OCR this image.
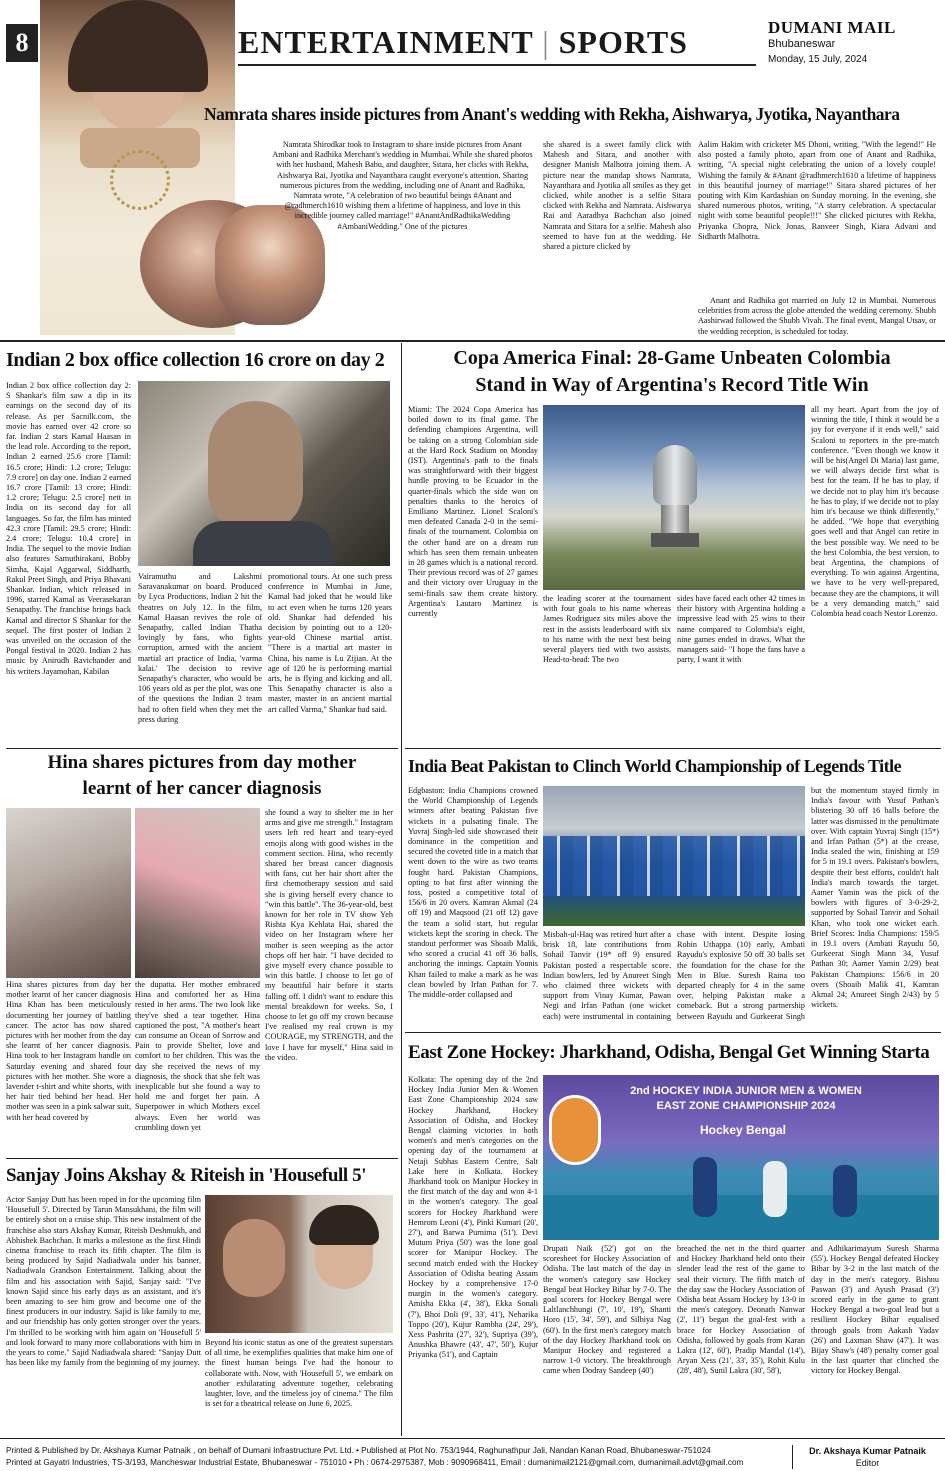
8	ENTERTAINMENT | SPORTS	DUMANI MAIL
Bhubaneswar
Monday, 15 July, 2024
Namrata shares inside pictures from Anant's wedding with Rekha, Aishwarya, Jyotika, Nayanthara
Namrata Shirodkar took to Instagram to share inside pictures from Anant Ambani and Radhika Merchant's wedding in Mumbai. While she shared photos with her husband, Mahesh Babu, and daughter, Sitara, her clicks with Rekha, Aishwarya Rai, Jyotika and Nayanthara caught everyone's attention. Sharing numerous pictures from the wedding, including one of Anant and Radhika, Namrata wrote, "A celebration of two beautiful beings #Anant and @radhmerch1610 wishing them a lifetime of happiness, and love in this incredible journey called marriage!" #AnantAndRadhikaWedding #AmbaniWedding." One of the pictures
she shared is a sweet family click with Mahesh and Sitara, and another with designer Manish Malhotra joining them. A picture near the mandap shows Namrata, Nayanthara and Jyotika all smiles as they get clicked, while another is a selfie Sitara clicked with Rekha and Namrata. Aishwarya Rai and Aaradhya Bachchan also joined Namrata and Sitara for a selfie. Mahesh also seemed to have fun at the wedding. He shared a picture clicked by
Aalim Hakim with cricketer MS Dhoni, writing, "With the legend!" He also posted a family photo, apart from one of Anant and Radhika, writing, "A special night celebrating the union of a lovely couple! Wishing the family & #Anant @radhmerch1610 a lifetime of happiness in this beautiful journey of marriage!" Sitara shared pictures of her pouting with Kim Kardashian on Sunday morning. In the evening, she shared numerous photos, writing, "A starry celebration. A spectacular night with some beautiful people!!!" She clicked pictures with Rekha, Priyanka Chopra, Nick Jonas, Ranveer Singh, Kiara Advani and Sidharth Malhotra.
Anant and Radhika got married on July 12 in Mumbai. Numerous celebrities from across the globe attended the wedding ceremony. Shubh Aashirwad followed the Shubh Vivah. The final event, Mangal Utsav, or the wedding reception, is scheduled for today.
Indian 2 box office collection 16 crore on day 2
Indian 2 box office collection day 2: S Shankar's film saw a dip in its earnings on the second day of its release. As per Sacnilk.com, the movie has earned over 42 crore so far. Indian 2 stars Kamal Haasan in the lead role. According to the report, Indian 2 earned 25.6 crore [Tamil: 16.5 crore; Hindi: 1.2 crore; Telugu: 7.9 crore] on day one. Indian 2 earned 16.7 crore [Tamil: 13 crore; Hindi: 1.2 crore; Telugu: 2.5 crore] nett in India on its second day for all languages. So far, the film has minted 42.3 crore [Tamil: 29.5 crore; Hindi: 2.4 crore; Telugu: 10.4 crore] in India. The sequel to the movie Indian also features Samuthirakani, Bobby Simha, Kajal Aggarwal, Siddharth, Rakul Preet Singh, and Priya Bhavani Shankar. Indian, which released in 1996, starred Kamal as Veerasekaran Senapathy. The franchise brings back Kamal and director S Shankar for the sequel. The first poster of Indian 2 was unveiled on the occasion of the Pongal festival in 2020. Indian 2 has music by Anirudh Ravichander and his writers Jayamohan, Kabilan
Vairamuthu and Lakshmi Saravanakumar on board. Produced by Lyca Productions, Indian 2 hit the theatres on July 12. In the film, Kamal Haasan revives the role of Senapathy, called Indian Thatha lovingly by fans, who fights corruption, armed with the ancient martial art practice of India, 'varma kalai.' The decision to revive Senapathy's character, who would be 106 years old as per the plot, was one of the questions the Indian 2 team had to often field when they met the press during
promotional tours. At one such press conference in Mumbai in June, Kamal had joked that he would like to act even when he turns 120 years old. Shankar had defended his decision by pointing out to a 120-year-old Chinese martial artist. "There is a martial art master in China, his name is Lu Zijian. At the age of 120 he is performing martial arts, he is flying and kicking and all. This Senapathy character is also a master, master in an ancient martial art called Varma," Shankar had said.
Hina shares pictures from day mother
learnt of her cancer diagnosis
Hina shares pictures from day her mother learnt of her cancer diagnosis Hina Khan has been meticulously documenting her journey of battling cancer. The actor has now shared pictures with her mother from the day she learnt of her cancer diagnosis. Hina took to her Instagram handle on Saturday evening and shared four pictures with her mother. She wore a lavender t-shirt and white shorts, with her hair tied behind her head. Her mother was seen in a pink salwar suit, with her head covered by
the dupatta. Her mother embraced Hina and comforted her as Hina rested in her arms. The two look like they've shed a tear together. Hina captioned the post, "A mother's heart can consume an Ocean of Sorrow and Pain to provide Shelter, love and comfort to her children. This was the day she received the news of my diagnosis, the shock that she felt was inexplicable but she found a way to hold me and forget her pain. A Superpower in which Mothers excel always. Even her world was crumbling down yet
she found a way to shelter me in her arms and give me strength." Instagram users left red heart and teary-eyed emojis along with good wishes in the comment section. Hina, who recently shared her breast cancer diagnosis with fans, cut her hair short after the first chemotherapy session and said she is giving herself every chance to "win this battle". The 36-year-old, best known for her role in TV show Yeh Rishta Kya Kehlata Hai, shared the video on her Instagram where her mother is seen weeping as the actor chops off her hair. "I have decided to give myself every chance possible to win this battle. I choose to let go of my beautiful hair before it starts falling off. I didn't want to endure this mental breakdown for weeks. So, I choose to let go off my crown because I've realised my real crown is my COURAGE, my STRENGTH, and the love I have for myself," Hina said in the video.
Sanjay Joins Akshay & Riteish in 'Housefull 5'
Actor Sanjay Dutt has been roped in for the upcoming film 'Housefull 5'. Directed by Tarun Mansukhani, the film will be entirely shot on a cruise ship. This new instalment of the franchise also stars Akshay Kumar, Riteish Deshmukh, and Abhishek Bachchan. It marks a milestone as the first Hindi cinema franchise to reach its fifth chapter. The film is being produced by Sajid Nadiadwala under his banner, Nadiadwala Grandson Entertainment. Talking about the film and his association with Sajid, Sanjay said: "I've known Sajid since his early days as an assistant, and it's been amazing to see him grow and become one of the finest producers in our industry. Sajid is like family to me, and our friendship has only gotten stronger over the years. I'm thrilled to be working with him again on 'Housefull 5' and look forward to many more collaborations with him in the years to come." Sajid Nadiadwala shared: "Sanjay Dutt has been like my family from the beginning of my journey.
Beyond his iconic status as one of the greatest superstars of all time, he exemplifies qualities that make him one of the finest human beings I've had the honour to collaborate with. Now, with 'Housefull 5', we embark on another exhilarating adventure together, celebrating laughter, love, and the timeless joy of cinema." The film is set for a theatrical release on June 6, 2025.
Copa America Final: 28-Game Unbeaten Colombia
Stand in Way of Argentina's Record Title Win
Miami: The 2024 Copa America has boiled down to its final game. The defending champions Argentina, will be taking on a strong Colombian side at the Hard Rock Stadium on Monday (IST). Argentina's path to the finals was straightforward with their biggest hurdle proving to be Ecuador in the quarter-finals which the side won on penalties thanks to the heroics of Emiliano Martinez. Lionel Scaloni's men defeated Canada 2-0 in the semi-finals of the tournament. Colombia on the other hand are on a dream run which has seen them remain unbeaten in 28 games which is a national record. Their previous record was of 27 games and their victory over Uruguay in the semi-finals saw them create history. Argentina's Lautaro Martinez is currently
the leading scorer at the tournament with four goals to his name whereas James Rodriguez sits miles above the rest in the assists leaderboard with six to his name with the next best being several players tied with two assists. Head-to-head: The two
sides have faced each other 42 times in their history with Argentina holding a impressive lead with 25 wins to their name compared to Colombia's eight, nine games ended in draws. What the managers said- "I hope the fans have a party, I want it with
all my heart. Apart from the joy of winning the title, I think it would be a joy for everyone if it ends well," said Scaloni to reporters in the pre-match conference. "Even though we know it will be his(Angel Di Maria) last game, we will always decide first what is best for the team. If he has to play, if we decide not to play him it's because he has to play, if we decide not to play him it's because we think differently," he added. "We hope that everything goes well and that Angel can retire in the best possible way. We need to be the best Colombia, the best version, to beat Argentina, the champions of everything. To win against Argentina, we have to be very well-prepared, because they are the champions, it will be a very demanding match," said Colombia head coach Nestor Lorenzo.
India Beat Pakistan to Clinch World Championship of Legends Title
Edgbaston: India Champions crowned the World Championship of Legends winners after beating Pakistan five wickets in a pulsating finale. The Yuvraj Singh-led side showcased their dominance in the competition and secured the coveted title in a match that went down to the wire as two teams fought hard. Pakistan Champions, opting to bat first after winning the toss, posted a competitive total of 156/6 in 20 overs. Kamran Akmal (24 off 19) and Maqsood (21 off 12) gave the team a solid start, but regular wickets kept the scoring in check. The standout performer was Shoaib Malik, who scored a crucial 41 off 36 balls, anchoring the innings. Captain Younis Khan failed to make a mark as he was clean bowled by Irfan Pathan for 7. The middle-order collapsed and
Misbah-ul-Haq was retired hurt after a brisk 18, late contributions from Sohail Tanvir (19* off 9) ensured Pakistan posted a respectable score. Indian bowlers, led by Anureet Singh who claimed three wickets with support from Vinay Kumar, Pawan Negi and Irfan Pathan (one wicket each) were instrumental in containing
chase with intent. Despite losing Robin Uthappa (10) early, Ambati Rayudu's explosive 50 off 30 balls set the foundation for the chase for the Men in Blue. Suresh Raina too departed cheaply for 4 in the same over, helping Pakistan make a comeback. But a strong partnership between Rayudu and Gurkeerat Singh
but the momentum stayed firmly in India's favour with Yusuf Pathan's blistering 30 off 16 balls before the latter was dismissed in the penultimate over. With captain Yuvraj Singh (15*) and Irfan Pathan (5*) at the crease, India sealed the win, finishing at 159 for 5 in 19.1 overs. Pakistan's bowlers, despite their best efforts, couldn't halt India's march towards the target. Aamer Yamin was the pick of the bowlers with figures of 3-0-29-2, supported by Sohail Tanvir and Sohail Khan, who took one wicket each. Brief Scores: India Champions: 159/5 in 19.1 overs (Ambati Rayudu 50, Gurkeerat Singh Mann 34, Yusuf Pathan 30; Aamer Yamin 2/29) beat Pakistan Champions: 156/6 in 20 overs (Shoaib Malik 41, Kamran Akmal 24; Anureet Singh 2/43) by 5 wickets.
East Zone Hockey: Jharkhand, Odisha, Bengal Get Winning Starta
Kolkata: The opening day of the 2nd Hockey India Junior Men & Women East Zone Championship 2024 saw Hockey Jharkhand, Hockey Association of Odisha, and Hockey Bengal claiming victories in both women's and men's categories on the opening day of the tournament at Netaji Subhas Eastern Centre, Salt Lake here in Kolkata. Hockey Jharkhand took on Manipur Hockey in the first match of the day and won 4-1 in the women's category. The goal scorers for Hockey Jharkhand were Hemrom Leoni (4'), Pinki Kumari (20', 27'), and Barwa Purnima (51'). Devi Mutum Priya (50') was the lone goal scorer for Manipur Hockey. The second match ended with the Hockey Association of Odisha beating Assam Hockey by a comprehensive 17-0 margin in the women's category. Amisha Ekka (4', 38'), Ekka Sonali (7'), Bhoi Doli (9', 33', 41'), Neharika Toppo (20'), Kujur Rambha (24', 29'), Xess Pashrita (27', 32'), Supriya (39'), Anushka Bhawre (43', 47', 50'), Kujur Priyanka (51'), and Captain
2nd HOCKEY INDIA JUNIOR MEN & WOMEN
EAST ZONE CHAMPIONSHIP 2024
Hockey Bengal
Drupati Naik (52') got on the scoresheet for Hockey Association of Odisha. The last match of the day in the women's category saw Hockey Bengal beat Hockey Bihar by 7-0. The goal scorers for Hockey Bengal were Laltlanchhungi (7', 10', 19'), Shanti Horo (15', 34', 59'), and Silbiya Nag (60'). In the first men's category match of the day Hockey Jharkhand took on Manipur Hockey and registered a narrow 1-0 victory. The breakthrough came when Dodray Sandeep (40')
breached the net in the third quarter and Hockey Jharkhand held onto their slender lead the rest of the game to seal their victory. The fifth match of the day saw the Hockey Association of Odisha beat Assam Hockey by 13-0 in the men's category. Deonath Nanwar (2', 11') began the goal-fest with a brace for Hockey Association of Odisha, followed by goals from Karan Lakra (12', 60'), Pradip Mandal (14'), Aryan Xess (21', 33', 35'), Rohit Kulu (28', 48'), Sunil Lakra (30', 58'),
and Adhikarimayum Suresh Sharma (55'). Hockey Bengal defeated Hockey Bihar by 3-2 in the last match of the day in the men's category. Bishnu Paswan (3') and Ayush Prasad (3') scored early in the game to grant Hockey Bengal a two-goal lead but a resilient Hockey Bihar equalised through goals from Aakash Yadav (26') and Laxman Shaw (47'). It was Bijay Shaw's (48') penalty corner goal in the last quarter that clinched the victory for Hockey Bengal.
Printed & Published by Dr. Akshaya Kumar Patnaik , on behalf of Dumani Infrastructure Pvt. Ltd. • Published at Plot No. 753/1944, Raghunathpur Jali, Nandan Kanan Road, Bhubaneswar-751024
Printed at Gayatri Industries, TS-3/193, Mancheswar Industrial Estate, Bhubaneswar - 751010 • Ph : 0674-2975387, Mob : 9090968411, Email : dumanimail2121@gmail.com, dumanimail.advt@gmail.com
Dr. Akshaya Kumar Patnaik
Editor
